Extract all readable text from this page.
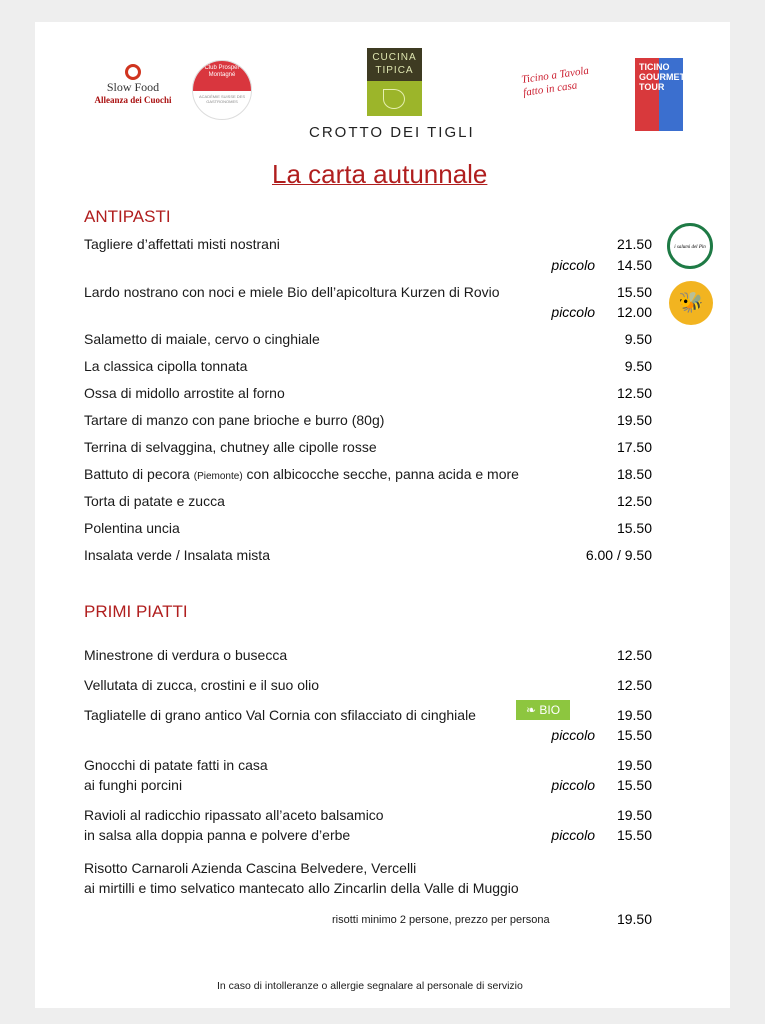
Slow Food
Alleanza dei Cuochi
Club Prosper Montagné
ACADÉMIE SUISSE DES GASTRONOMES
CUCINA
TIPICA
CROTTO DEI TIGLI
Ticino a Tavola fatto in casa
TICINO GOURMET TOUR
La carta autunnale
ANTIPASTI
Tagliere d’affettati misti nostrani	21.50
piccolo 14.50
i salumi del Pin
Lardo nostrano con noci e miele Bio dell’apicoltura Kurzen di Rovio	15.50
piccolo 12.00	🐝
Salametto di maiale, cervo o cinghiale	9.50
La classica cipolla tonnata	9.50
Ossa di midollo arrostite al forno	12.50
Tartare di manzo con pane brioche e burro (80g)	19.50
Terrina di selvaggina, chutney alle cipolle rosse	17.50
Battuto di pecora (Piemonte) con albicocche secche, panna acida e more	18.50
Torta di patate e zucca	12.50
Polentina uncia	15.50
Insalata verde / Insalata mista	6.00 / 9.50
PRIMI PIATTI
Minestrone di verdura o busecca	12.50
Vellutata di zucca, crostini e il suo olio	12.50
Tagliatelle di grano antico Val Cornia con sfilacciato di cinghiale	❧ BIO	19.50
piccolo 15.50
Gnocchi di patate fatti in casa	19.50
ai funghi porcini	piccolo 15.50
Ravioli al radicchio ripassato all’aceto balsamico	19.50
in salsa alla doppia panna e polvere d’erbe	piccolo 15.50
Risotto Carnaroli Azienda Cascina Belvedere, Vercelli
ai mirtilli e timo selvatico mantecato allo Zincarlin della Valle di Muggio
risotti minimo 2 persone, prezzo per persona	19.50
In caso di intolleranze o allergie segnalare al personale di servizio
